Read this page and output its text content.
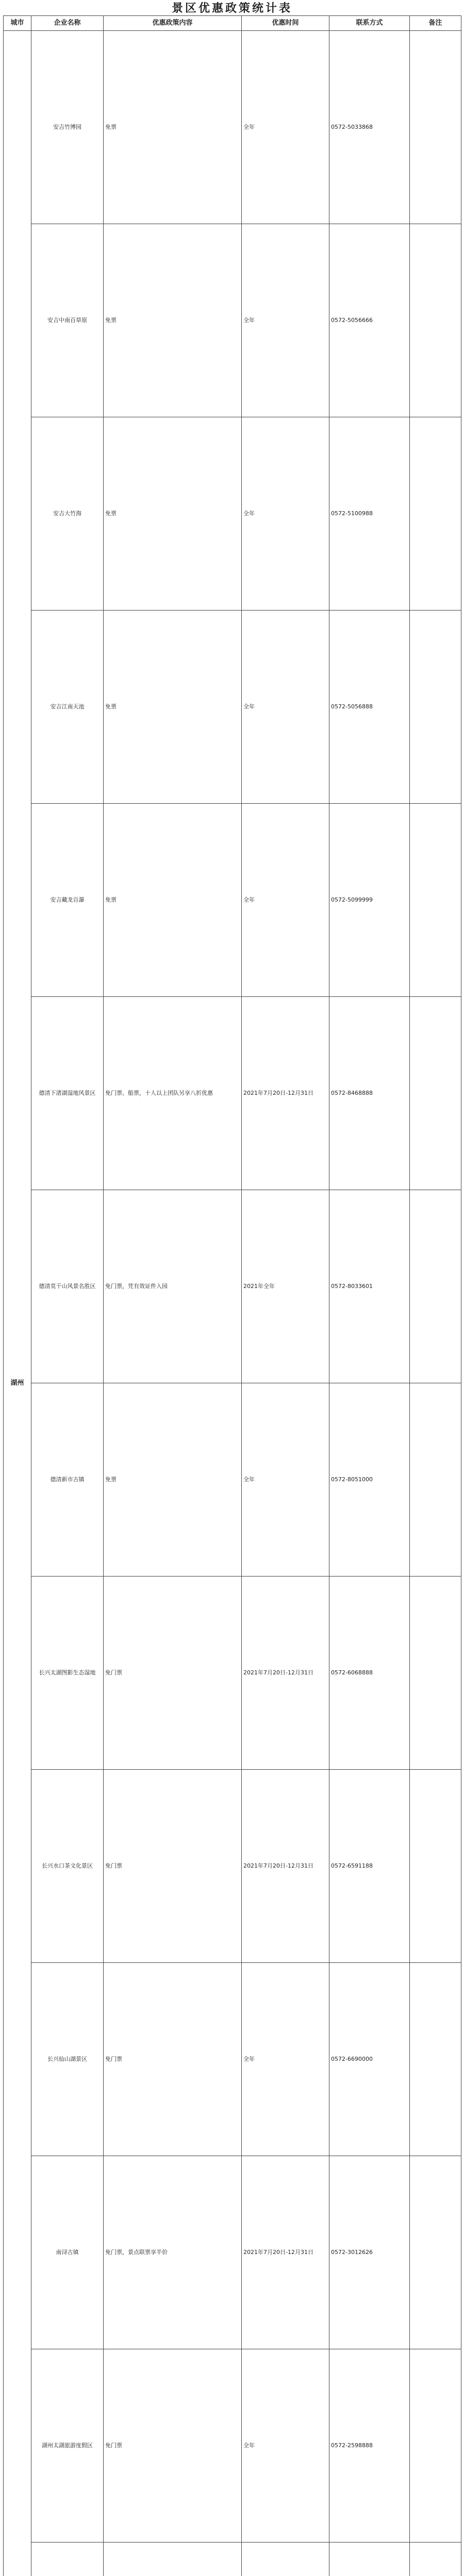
景区优惠政策统计表
城市	企业名称	优惠政策内容	优惠时间	联系方式	备注
湖州	安吉竹博园	免票	全年	0572-5033868	
	安吉中南百草原	免票	全年	0572-5056666	
	安吉大竹海	免票	全年	0572-5100988	
	安吉江南天池	免票	全年	0572-5056888	
	安吉藏龙百瀑	免票	全年	0572-5099999	
	德清下渚湖湿地风景区	免门票、船票，十人以上团队另享八折优惠	2021年7月20日-12月31日	0572-8468888	
	德清莫干山风景名胜区	免门票，凭有效证件入园	2021年全年	0572-8033601	
	德清新市古镇	免票	全年	0572-8051000	
	长兴太湖图影生态湿地	免门票	2021年7月20日-12月31日	0572-6068888	
	长兴水口茶文化景区	免门票	2021年7月20日-12月31日	0572-6591188	
	长兴仙山湖景区	免门票	全年	0572-6690000	
	南浔古镇	免门票，景点联票享半价	2021年7月20日-12月31日	0572-3012626	
	湖州太湖旅游度假区	免门票	全年	0572-2598888	
